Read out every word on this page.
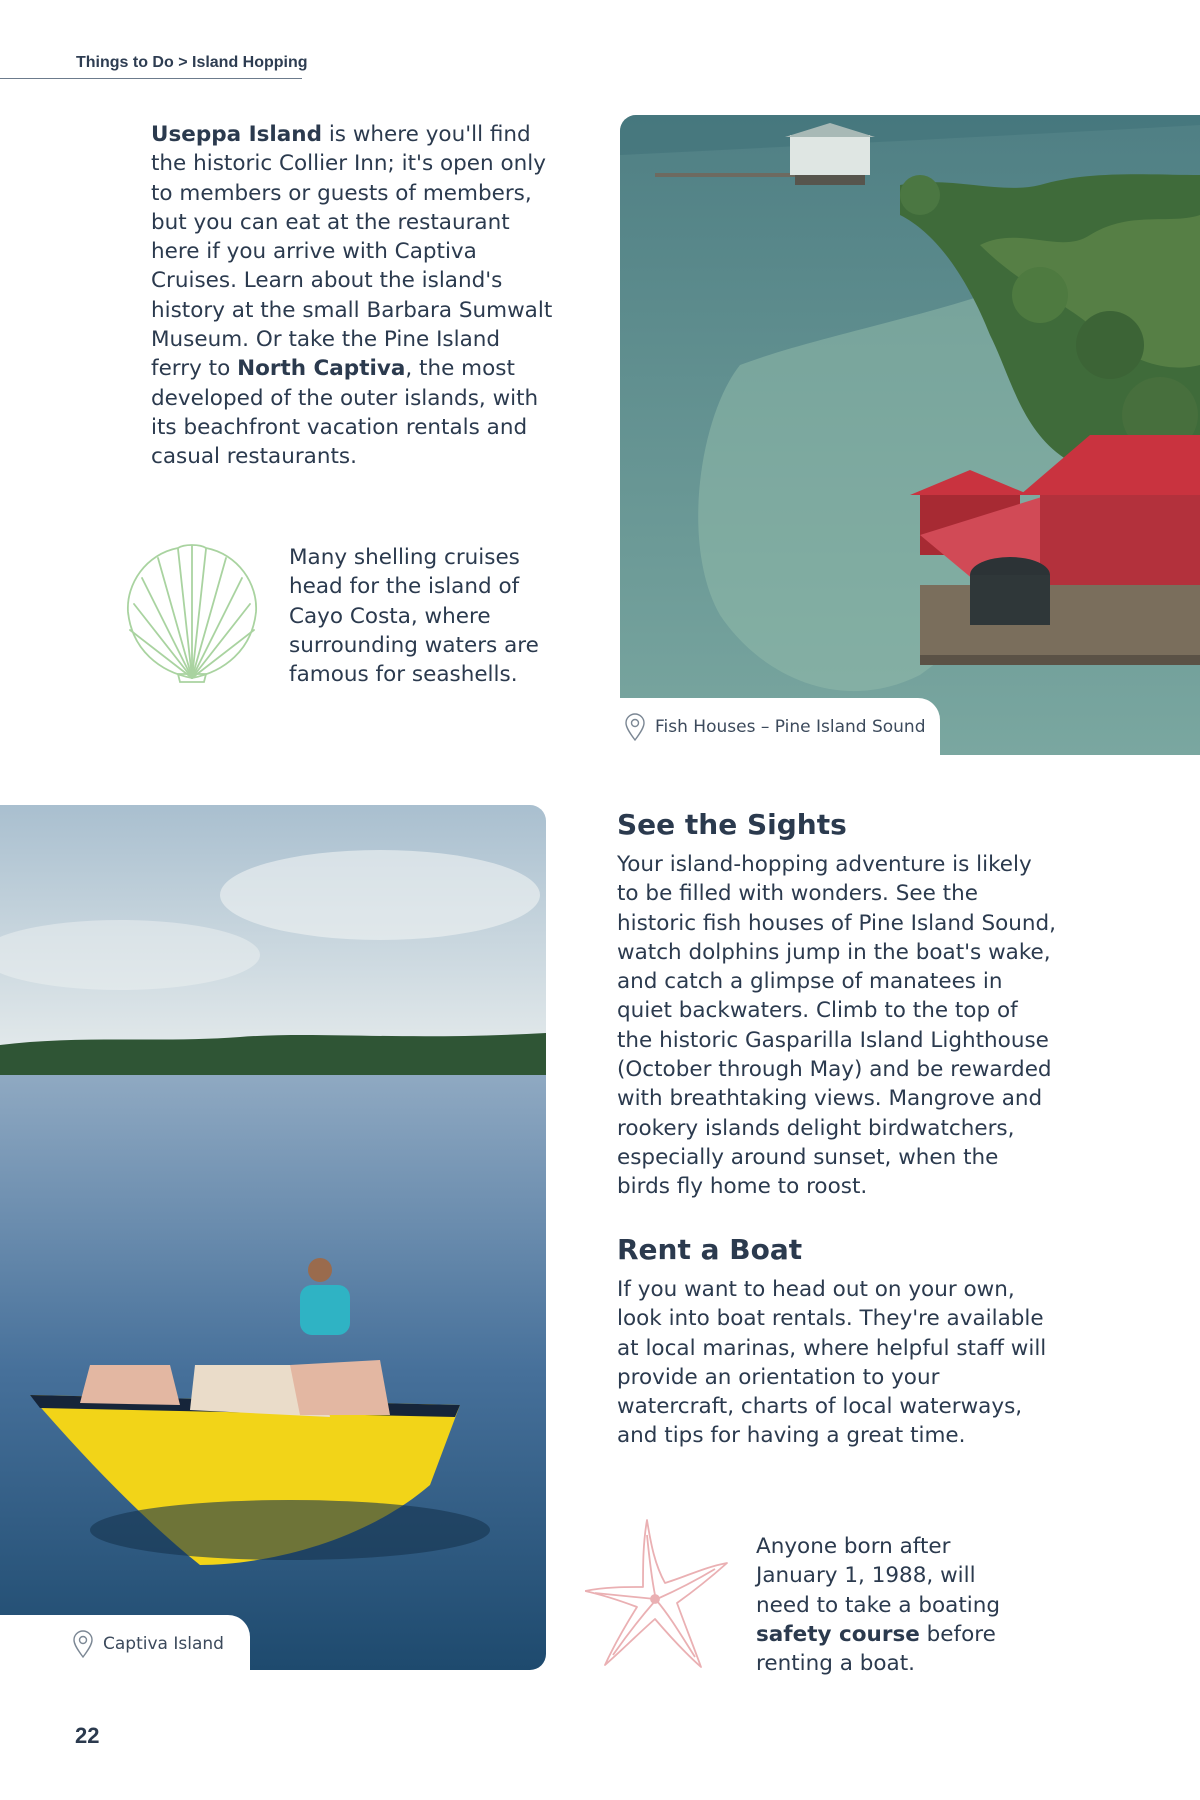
Things to Do > Island Hopping

Useppa Island is where you'll find the historic Collier Inn; it's open only to members or guests of members, but you can eat at the restaurant here if you arrive with Captiva Cruises. Learn about the island's history at the small Barbara Sumwalt Museum. Or take the Pine Island ferry to North Captiva, the most developed of the outer islands, with its beachfront vacation rentals and casual restaurants.

Many shelling cruises head for the island of Cayo Costa, where surrounding waters are famous for seashells.

Fish Houses – Pine Island Sound
Captiva Island
See the Sights

Your island-hopping adventure is likely to be filled with wonders. See the historic fish houses of Pine Island Sound, watch dolphins jump in the boat's wake, and catch a glimpse of manatees in quiet backwaters. Climb to the top of the historic Gasparilla Island Lighthouse (October through May) and be rewarded with breathtaking views. Mangrove and rookery islands delight birdwatchers, especially around sunset, when the birds fly home to roost.

Rent a Boat

If you want to head out on your own, look into boat rentals. They're available at local marinas, where helpful staff will provide an orientation to your watercraft, charts of local waterways, and tips for having a great time.

Anyone born after January 1, 1988, will need to take a boating safety course before renting a boat.

22
